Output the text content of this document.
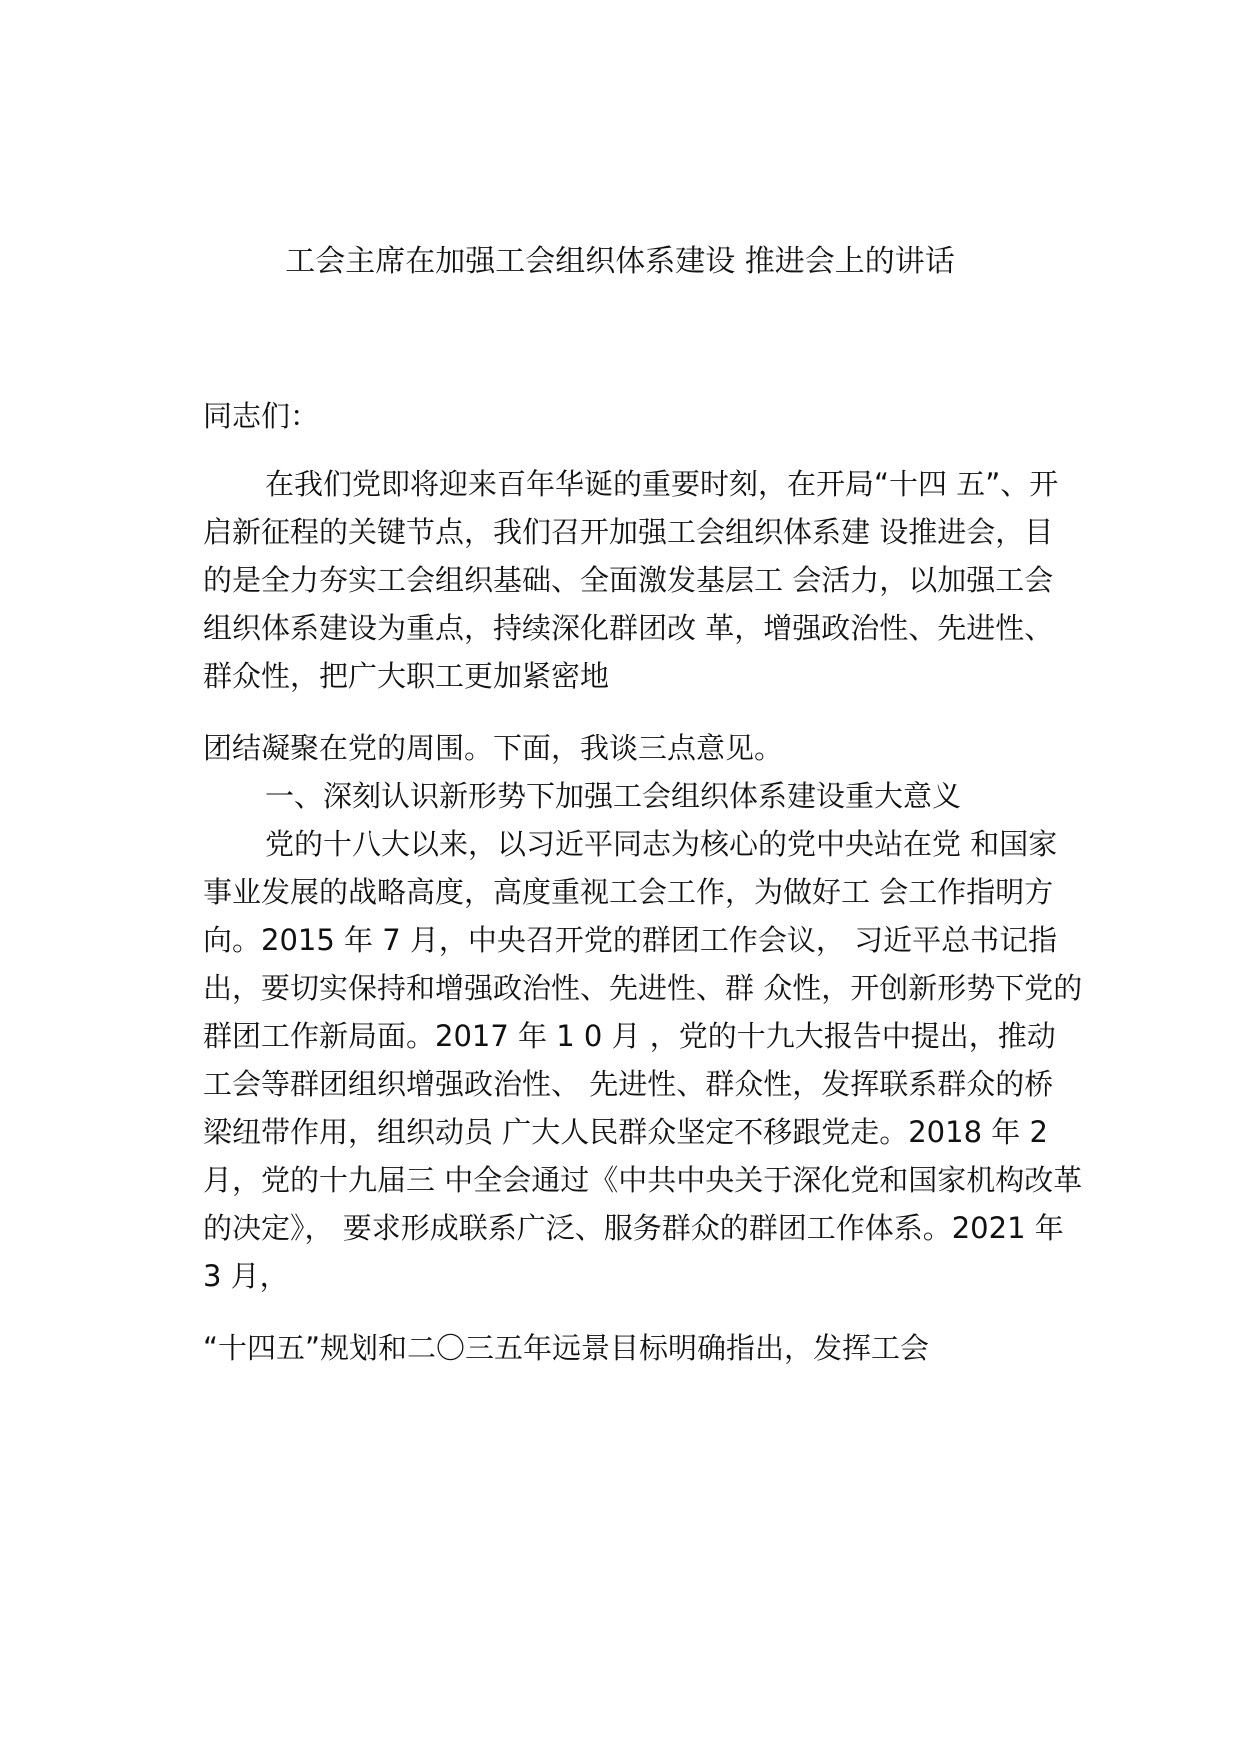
工会主席在加强工会组织体系建设 推进会上的讲话
同志们：
在我们党即将迎来百年华诞的重要时刻，在开局“十四 五”、开
启新征程的关键节点，我们召开加强工会组织体系建 设推进会，目
的是全力夯实工会组织基础、全面激发基层工 会活力，以加强工会
组织体系建设为重点，持续深化群团改 革，增强政治性、先进性、
群众性，把广大职工更加紧密地
团结凝聚在党的周围。下面，我谈三点意见。
一、深刻认识新形势下加强工会组织体系建设重大意义
党的十八大以来，以习近平同志为核心的党中央站在党 和国家
事业发展的战略高度，高度重视工会工作，为做好工 会工作指明方
向。2015 年 7 月，中央召开党的群团工作会议， 习近平总书记指
出，要切实保持和增强政治性、先进性、群 众性，开创新形势下党的
群团工作新局面。2017 年 1 0 月 ，党的十九大报告中提出，推动
工会等群团组织增强政治性、 先进性、群众性，发挥联系群众的桥
梁纽带作用，组织动员 广大人民群众坚定不移跟党走。2018 年 2
月，党的十九届三 中全会通过《中共中央关于深化党和国家机构改革
的决定》， 要求形成联系广泛、服务群众的群团工作体系。2021 年
3 月，
“十四五”规划和二〇三五年远景目标明确指出，发挥工会
